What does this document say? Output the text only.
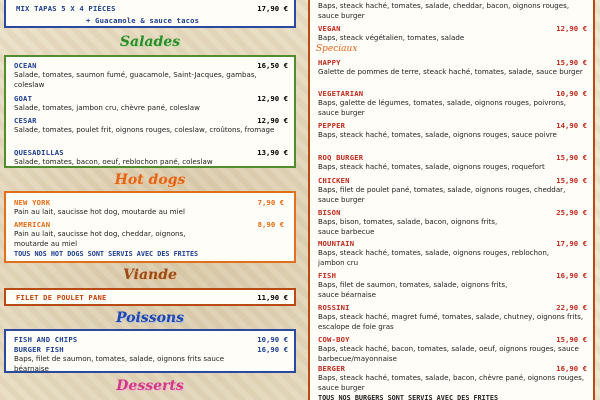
MIX TAPAS 5 X 4 PIÈCES	17,90 €
+ Guacamole & sauce tacos
Salades
OCEAN	16,50 €
Salade, tomates, saumon fumé, guacamole, Saint-Jacques, gambas, coleslaw
GOAT	12,90 €
Salade, tomates, jambon cru, chèvre pané, coleslaw
CESAR	12,90 €
Salade, tomates, poulet frit, oignons rouges, coleslaw, croûtons, fromage
QUESADILLAS	13,90 €
Salade, tomates, bacon, oeuf, reblochon pané, coleslaw
Hot dogs
NEW YORK	7,90 €
Pain au lait, saucisse hot dog, moutarde au miel
AMERICAN	8,90 €
Pain au lait, saucisse hot dog, cheddar, oignons, moutarde au miel
TOUS NOS HOT DOGS SONT SERVIS AVEC DES FRITES
Viande
FILET DE POULET PANE	11,90 €
Poissons
FISH AND CHIPS	10,90 €
BURGER FISH	16,90 €
Baps, filet de saumon, tomates, salade, oignons frits sauce béarnaise
Desserts
Baps, steack haché, tomates, salade, cheddar, bacon, oignons rouges, sauce burger
VEGAN	12,90 €
Baps, steack végétalien, tomates, salade
Speciaux
HAPPY	15,90 €
Galette de pommes de terre, steack haché, tomates, salade, sauce burger
VEGETARIAN	10,90 €
Baps, galette de légumes, tomates, salade, oignons rouges, poivrons, sauce burger
PEPPER	14,90 €
Baps, steack haché, tomates, salade, oignons rouges, sauce poivre
ROQ BURGER	15,90 €
Baps, steack haché, tomates, salade, oignons rouges, roquefort
CHICKEN	15,90 €
Baps, filet de poulet pané, tomates, salade, oignons rouges, cheddar, sauce burger
BISON	25,90 €
Baps, bison, tomates, salade, bacon, oignons frits, sauce barbecue
MOUNTAIN	17,90 €
Baps, steack haché, tomates, salade, oignons rouges, reblochon, jambon cru
FISH	16,90 €
Baps, filet de saumon, tomates, salade, oignons frits, sauce béarnaise
ROSSINI	22,90 €
Baps, steack haché, magret fumé, tomates, salade, chutney, oignons frits, escalope de foie gras
COW-BOY	15,90 €
Baps, steack haché, bacon, tomates, salade, oeuf, oignons rouges, sauce barbecue/mayonnaise
BERGER	16,90 €
Baps, steack haché, tomates, salade, bacon, chèvre pané, oignons rouges, sauce burger
TOUS NOS BURGERS SONT SERVIS AVEC DES FRITES
